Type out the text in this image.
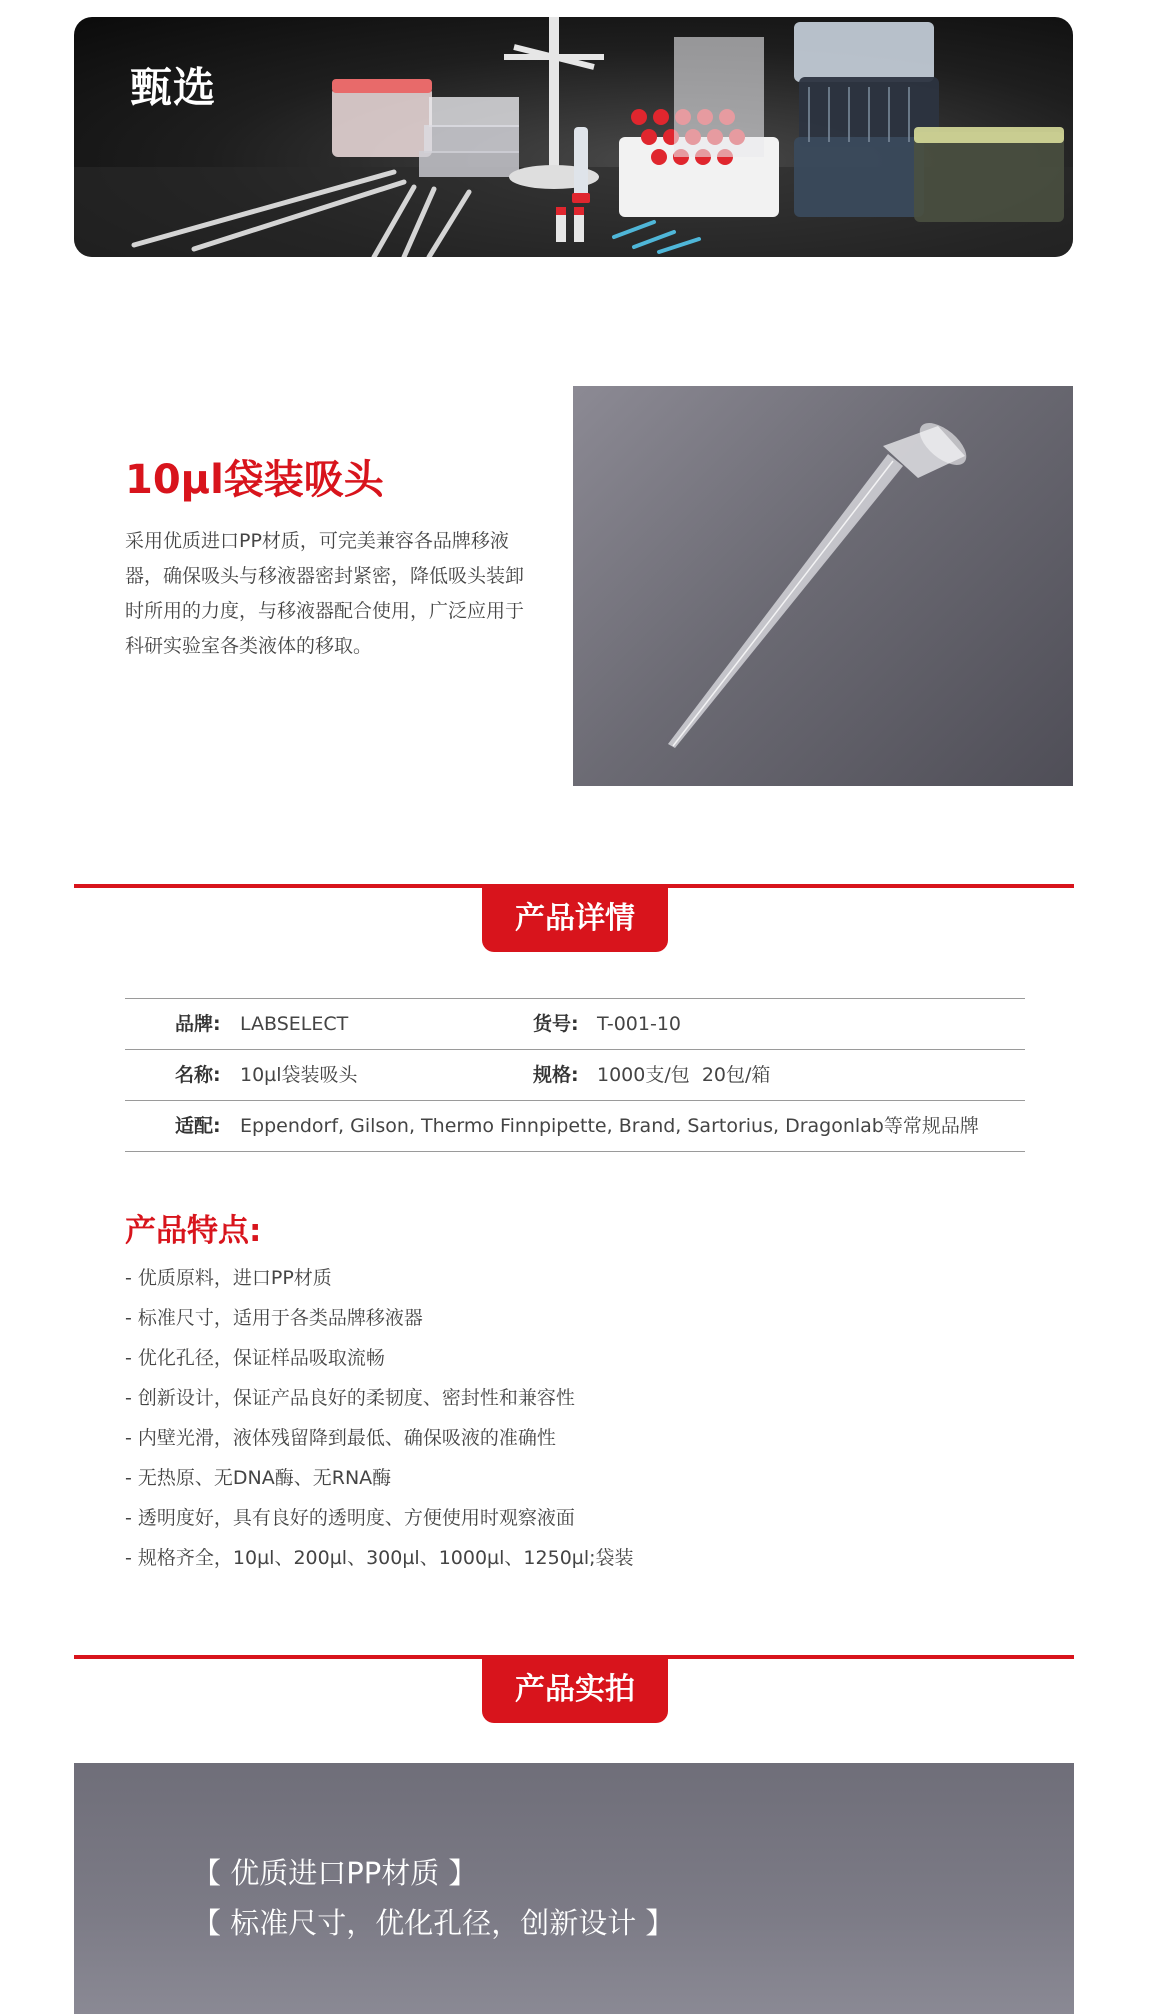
甄选
10µl袋装吸头
采用优质进口PP材质，可完美兼容各品牌移液器，确保吸头与移液器密封紧密，降低吸头装卸时所用的力度，与移液器配合使用，广泛应用于科研实验室各类液体的移取。
产品详情
品牌: LABSELECT	货号: T-001-10
名称: 10µl袋装吸头	规格: 1000支/包  20包/箱
适配: Eppendorf, Gilson, Thermo Finnpipette, Brand, Sartorius, Dragonlab等常规品牌
产品特点:
- 优质原料，进口PP材质
- 标准尺寸，适用于各类品牌移液器
- 优化孔径，保证样品吸取流畅
- 创新设计，保证产品良好的柔韧度、密封性和兼容性
- 内壁光滑，液体残留降到最低、确保吸液的准确性
- 无热原、无DNA酶、无RNA酶
- 透明度好，具有良好的透明度、方便使用时观察液面
- 规格齐全，10µl、200µl、300µl、1000µl、1250µl;袋装
产品实拍
【 优质进口PP材质 】
【 标准尺寸，优化孔径，创新设计 】
